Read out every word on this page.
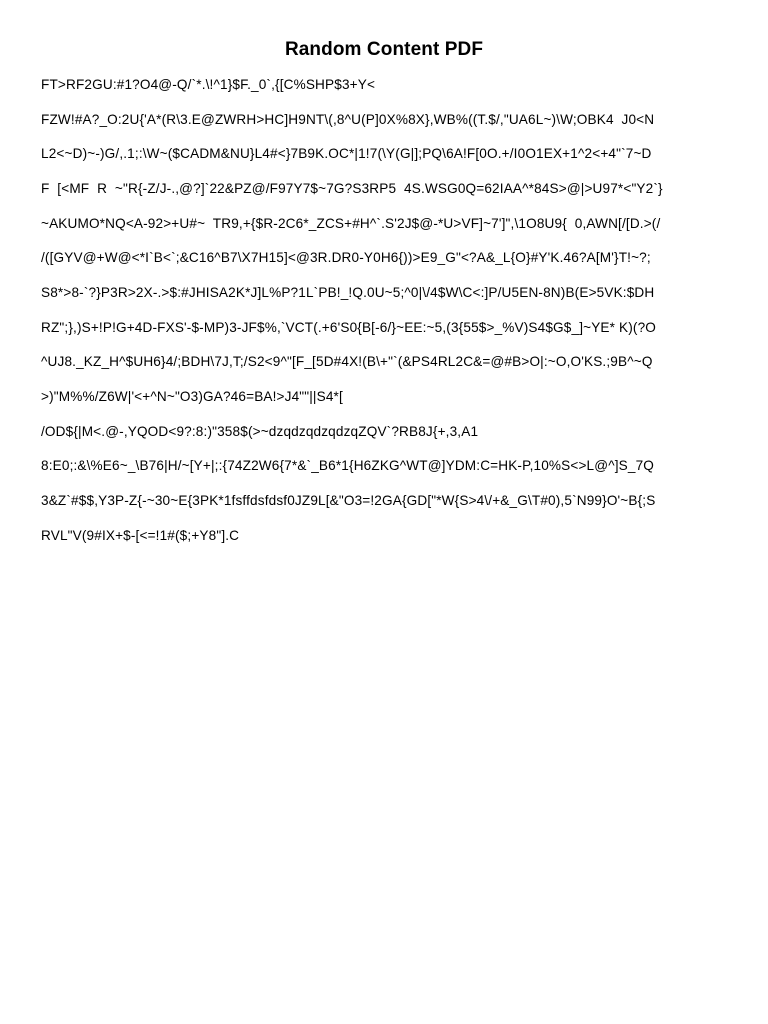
Random Content PDF
FT>RF2GU:#1?O4@-Q/`*.\!^1}$F._0`,{[C%SHP$3+Y<
FZW!#A?_O:2U{'A*(R\3.E@ZWRH>HC]H9NT\(,8^U(P]0X%8X},WB%((T.$/,"UA6L~)\W;OBK4  J0<N
L2<~D)~-)G/,.1;:\W~($CADM&NU}L4#<}7B9K.OC*|1!7(\Y(G|];PQ\6A!F[0O.+/I0O1EX+1^2<+4"`7~D
F  [<MF  R  ~"R{-Z/J-.,@?]`22&PZ@/F97Y7$~7G?S3RP5  4S.WSG0Q=62IAA^*84S>@|>U97*<"Y2`}
~AKUMO*NQ<A-92>+U#~  TR9,+{$R-2C6*_ZCS+#H^`.S'2J$@-*U>VF]~7']",\1O8U9{  0,AWN[/[D.>(/
/([GYV@+W@<*I`B<`;&C16^B7\X7H15]<@3R.DR0-Y0H6{))>E9_G"<?A&_L{O}#Y'K.46?A[M'}T!~?;
S8*>8-`?}P3R>2X-.>$:#JHISA2K*J]L%P?1L`PB!_!Q.0U~5;^0|\/4$W\C<:]P/U5EN-8N)B(E>5VK:$DH
RZ";},)S+!P!G+4D-FXS'-$-MP)3-JF$%,`VCT(.+6'S0{B[-6/}~EE:~5,(3{55$>_%V)S4$G$_]~YE* K)(?O
^UJ8._KZ_H^$UH6}4/;BDH\7J,T;/S2<9^"[F_[5D#4X!(B\+"`(&PS4RL2C&=@#B>O|:~O,O'KS.;9B^~Q
>)"M%%/Z6W|'<+^N~"O3)GA?46=BA!>J4""||S4*[
/OD${|M<.@-,YQOD<9?:8:)"358$(>~dzqdzqdzqdzqZQV`?RB8J{+,3,A1
8:E0;:&\%E6~_\B76|H/~[Y+|;:{74Z2W6{7*&`_B6*1{H6ZKG^WT@]YDM:C=HK-P,10%S<>L@^]S_7Q
3&Z`#$$,Y3P-Z{-~30~E{3PK*1fsffdsfdsf0JZ9L[&"O3=!2GA{GD["*W{S>4\/+&_G\T#0),5`N99}O'~B{;S
RVL"V(9#IX+$-[<=!1#($;+Y8"].C
